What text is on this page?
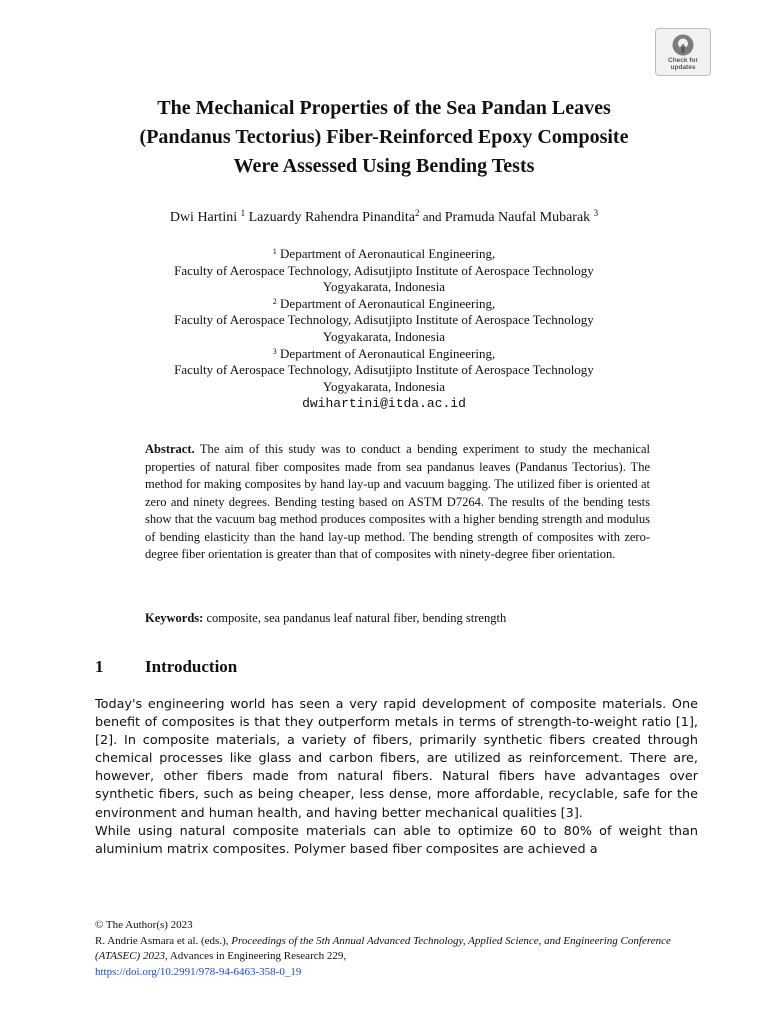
Check for
updates
The Mechanical Properties of the Sea Pandan Leaves
(Pandanus Tectorius) Fiber-Reinforced Epoxy Composite
Were Assessed Using Bending Tests
Dwi Hartini $^1$ Lazuardy Rahendra Pinandita$^2$ and Pramuda Naufal Mubarak $^3$
$^1$ Department of Aeronautical Engineering,
Faculty of Aerospace Technology, Adisutjipto Institute of Aerospace Technology
Yogyakarata, Indonesia
$^2$ Department of Aeronautical Engineering,
Faculty of Aerospace Technology, Adisutjipto Institute of Aerospace Technology
Yogyakarata, Indonesia
$^3$ Department of Aeronautical Engineering,
Faculty of Aerospace Technology, Adisutjipto Institute of Aerospace Technology
Yogyakarata, Indonesia
dwihartini@itda.ac.id

Abstract. The aim of this study was to conduct a bending experiment to study the mechanical properties of natural fiber composites made from sea pandanus leaves (Pandanus Tectorius). The method for making composites by hand lay-up and vacuum bagging. The utilized fiber is oriented at zero and ninety degrees. Bending testing based on ASTM D7264. The results of the bending tests show that the vacuum bag method produces composites with a higher bending strength and modulus of bending elasticity than the hand lay-up method. The bending strength of composites with zero-degree fiber orientation is greater than that of composites with ninety-degree fiber orientation.

Keywords: composite, sea pandanus leaf natural fiber, bending strength

1 Introduction

Today's engineering world has seen a very rapid development of composite materials. One benefit of composites is that they outperform metals in terms of strength-to-weight ratio [1], [2]. In composite materials, a variety of fibers, primarily synthetic fibers created through chemical processes like glass and carbon fibers, are utilized as reinforcement. There are, however, other fibers made from natural fibers. Natural fibers have advantages over synthetic fibers, such as being cheaper, less dense, more affordable, recyclable, safe for the environment and human health, and having better mechanical qualities [3].

While using natural composite materials can able to optimize 60 to 80% of weight than aluminium matrix composites. Polymer based fiber composites are achieved a

© The Author(s) 2023
R. Andrie Asmara et al. (eds.), Proceedings of the 5th Annual Advanced Technology, Applied Science, and Engineering Conference (ATASEC) 2023, Advances in Engineering Research 229,
https://doi.org/10.2991/978-94-6463-358-0_19
